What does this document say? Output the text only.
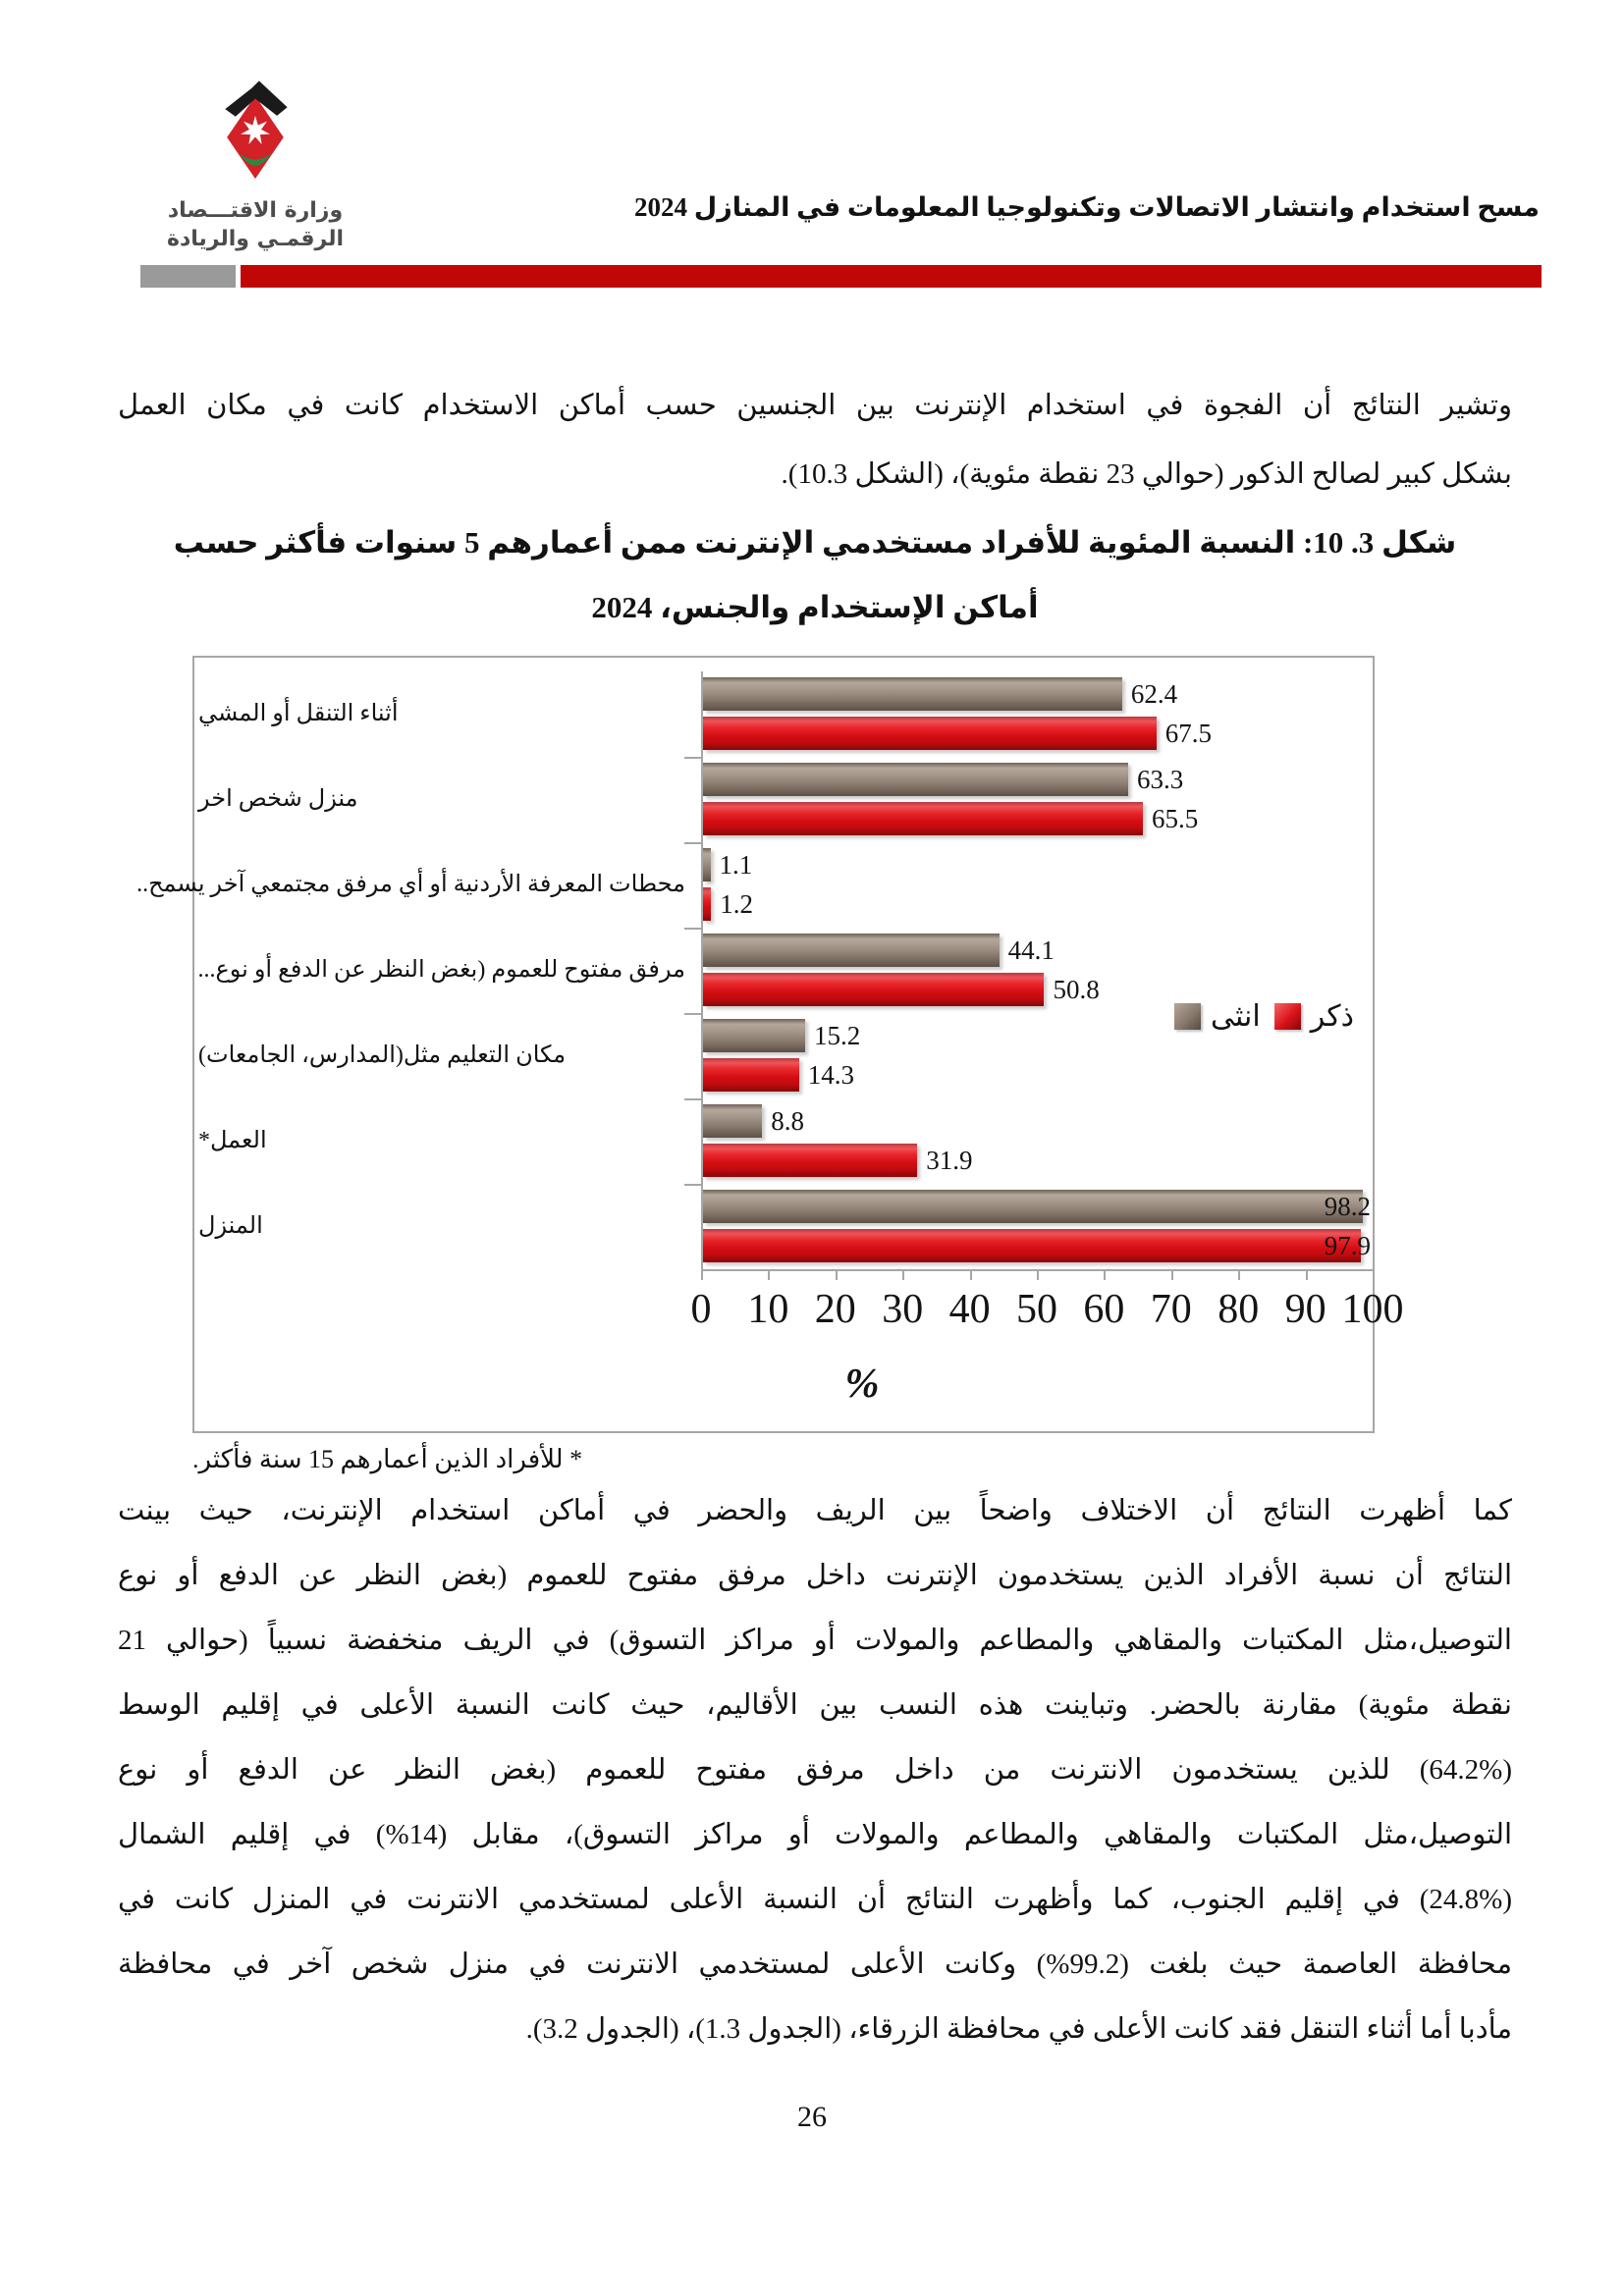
وزارة الاقتـــصاد
الرقمـي والريادة
مسح استخدام وانتشار الاتصالات وتكنولوجيا المعلومات في المنازل 2024
وتشير النتائج أن الفجوة في استخدام الإنترنت بين الجنسين حسب أماكن الاستخدام كانت في مكان العمل
بشكل كبير لصالح الذكور (حوالي 23 نقطة مئوية)، (الشكل 10.3).
شكل 3. 10: النسبة المئوية للأفراد مستخدمي الإنترنت ممن أعمارهم 5 سنوات فأكثر حسب
أماكن الإستخدام والجنس، 2024
أثناء التنقل أو المشي
62.4
67.5
منزل شخص اخر
63.3
65.5
محطات المعرفة الأردنية أو أي مرفق مجتمعي آخر يسمح..
1.1
1.2
مرفق مفتوح للعموم (بغض النظر عن الدفع أو نوع...
44.1
50.8
مكان التعليم مثل(المدارس، الجامعات)
15.2
14.3
العمل*
8.8
31.9
المنزل
98.2
97.9
0 10 20 30 40 50 60 70 80 90 100
%
انثى ذكر
* للأفراد الذين أعمارهم 15 سنة فأكثر.
كما أظهرت النتائج أن الاختلاف واضحاً بين الريف والحضر في أماكن استخدام الإنترنت، حيث بينت
النتائج أن نسبة الأفراد الذين يستخدمون الإنترنت داخل مرفق مفتوح للعموم (بغض النظر عن الدفع أو نوع
التوصيل،مثل المكتبات والمقاهي والمطاعم والمولات أو مراكز التسوق) في الريف منخفضة نسبياً (حوالي 21
نقطة مئوية) مقارنة بالحضر. وتباينت هذه النسب بين الأقاليم، حيث كانت النسبة الأعلى في إقليم الوسط
(64.2%) للذين يستخدمون الانترنت من داخل مرفق مفتوح للعموم (بغض النظر عن الدفع أو نوع
التوصيل،مثل المكتبات والمقاهي والمطاعم والمولات أو مراكز التسوق)، مقابل (14%) في إقليم الشمال
(24.8%) في إقليم الجنوب، كما وأظهرت النتائج أن النسبة الأعلى لمستخدمي الانترنت في المنزل كانت في
محافظة العاصمة حيث بلغت (99.2%) وكانت الأعلى لمستخدمي الانترنت في منزل شخص آخر في محافظة
مأدبا أما أثناء التنقل فقد كانت الأعلى في محافظة الزرقاء، (الجدول 1.3)، (الجدول 3.2).
26
